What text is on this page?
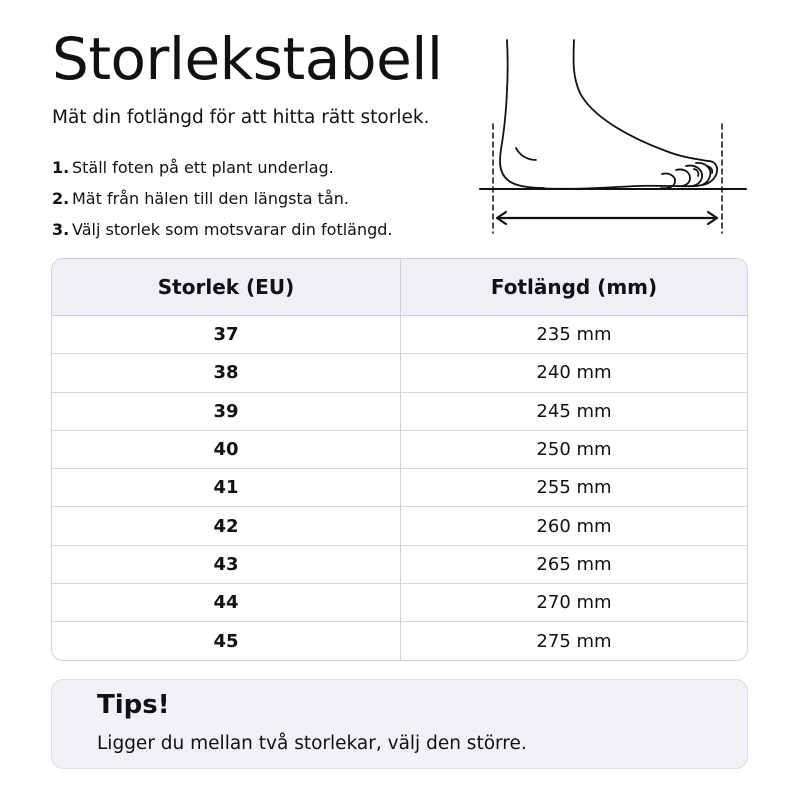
Storlekstabell

Mät din fotlängd för att hitta rätt storlek.

1. Ställ foten på ett plant underlag.
2. Mät från hälen till den längsta tån.
3. Välj storlek som motsvarar din fotlängd.
Storlek (EU)	Fotlängd (mm)
37	235 mm
38	240 mm
39	245 mm
40	250 mm
41	255 mm
42	260 mm
43	265 mm
44	270 mm
45	275 mm
Tips!
Ligger du mellan två storlekar, välj den större.
